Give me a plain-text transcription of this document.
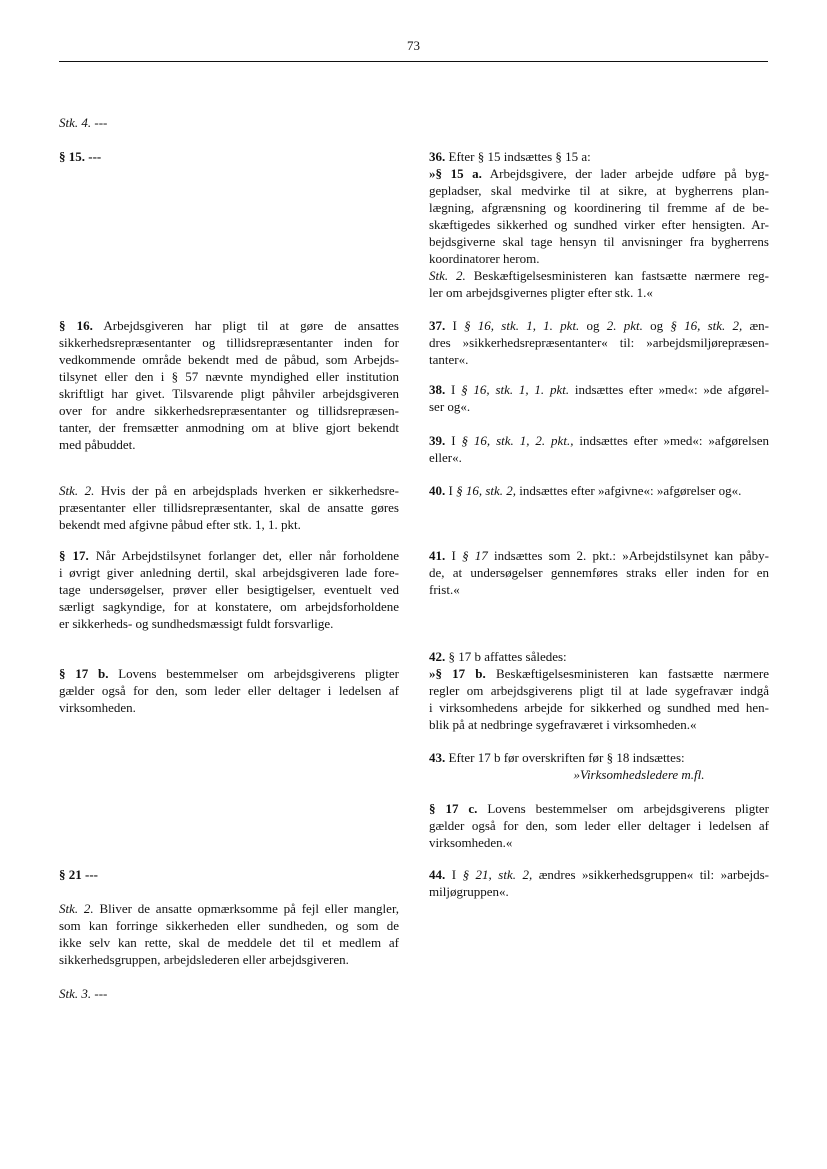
73
Stk. 4. ---
§ 15. ---
§ 16. Arbejdsgiveren har pligt til at gøre de ansattes
sikkerhedsrepræsentanter og tillidsrepræsentanter inden for
vedkommende område bekendt med de påbud, som Arbejds-
tilsynet eller den i § 57 nævnte myndighed eller institution
skriftligt har givet. Tilsvarende pligt påhviler arbejdsgiveren
over for andre sikkerhedsrepræsentanter og tillidsrepræsen-
tanter, der fremsætter anmodning om at blive gjort bekendt
med påbuddet.
Stk. 2. Hvis der på en arbejdsplads hverken er sikkerhedsre-
præsentanter eller tillidsrepræsentanter, skal de ansatte gøres
bekendt med afgivne påbud efter stk. 1, 1. pkt.
§ 17. Når Arbejdstilsynet forlanger det, eller når forholdene
i øvrigt giver anledning dertil, skal arbejdsgiveren lade fore-
tage undersøgelser, prøver eller besigtigelser, eventuelt ved
særligt sagkyndige, for at konstatere, om arbejdsforholdene
er sikkerheds- og sundhedsmæssigt fuldt forsvarlige.
§ 17 b. Lovens bestemmelser om arbejdsgiverens pligter
gælder også for den, som leder eller deltager i ledelsen af
virksomheden.
§ 21 ---
Stk. 2. Bliver de ansatte opmærksomme på fejl eller mangler,
som kan forringe sikkerheden eller sundheden, og som de
ikke selv kan rette, skal de meddele det til et medlem af
sikkerhedsgruppen, arbejdslederen eller arbejdsgiveren.
Stk. 3. ---
36. Efter § 15 indsættes § 15 a:
»§ 15 a. Arbejdsgivere, der lader arbejde udføre på byg-
gepladser, skal medvirke til at sikre, at bygherrens plan-
lægning, afgrænsning og koordinering til fremme af de be-
skæftigedes sikkerhed og sundhed virker efter hensigten. Ar-
bejdsgiverne skal tage hensyn til anvisninger fra bygherrens
koordinatorer herom.
Stk. 2. Beskæftigelsesministeren kan fastsætte nærmere reg-
ler om arbejdsgivernes pligter efter stk. 1.«
37. I § 16, stk. 1, 1. pkt. og 2. pkt. og § 16, stk. 2, æn-
dres »sikkerhedsrepræsentanter« til: »arbejdsmiljørepræsen-
tanter«.
38. I § 16, stk. 1, 1. pkt. indsættes efter »med«: »de afgørel-
ser og«.
39. I § 16, stk. 1, 2. pkt., indsættes efter »med«: »afgørelsen
eller«.
40. I § 16, stk. 2, indsættes efter »afgivne«: »afgørelser og«.
41. I § 17 indsættes som 2. pkt.: »Arbejdstilsynet kan påby-
de, at undersøgelser gennemføres straks eller inden for en
frist.«
42. § 17 b affattes således:
»§ 17 b. Beskæftigelsesministeren kan fastsætte nærmere
regler om arbejdsgiverens pligt til at lade sygefravær indgå
i virksomhedens arbejde for sikkerhed og sundhed med hen-
blik på at nedbringe sygefraværet i virksomheden.«
43. Efter 17 b før overskriften før § 18 indsættes:
»Virksomhedsledere m.fl.
§ 17 c. Lovens bestemmelser om arbejdsgiverens pligter
gælder også for den, som leder eller deltager i ledelsen af
virksomheden.«
44. I § 21, stk. 2, ændres »sikkerhedsgruppen« til: »arbejds-
miljøgruppen«.
